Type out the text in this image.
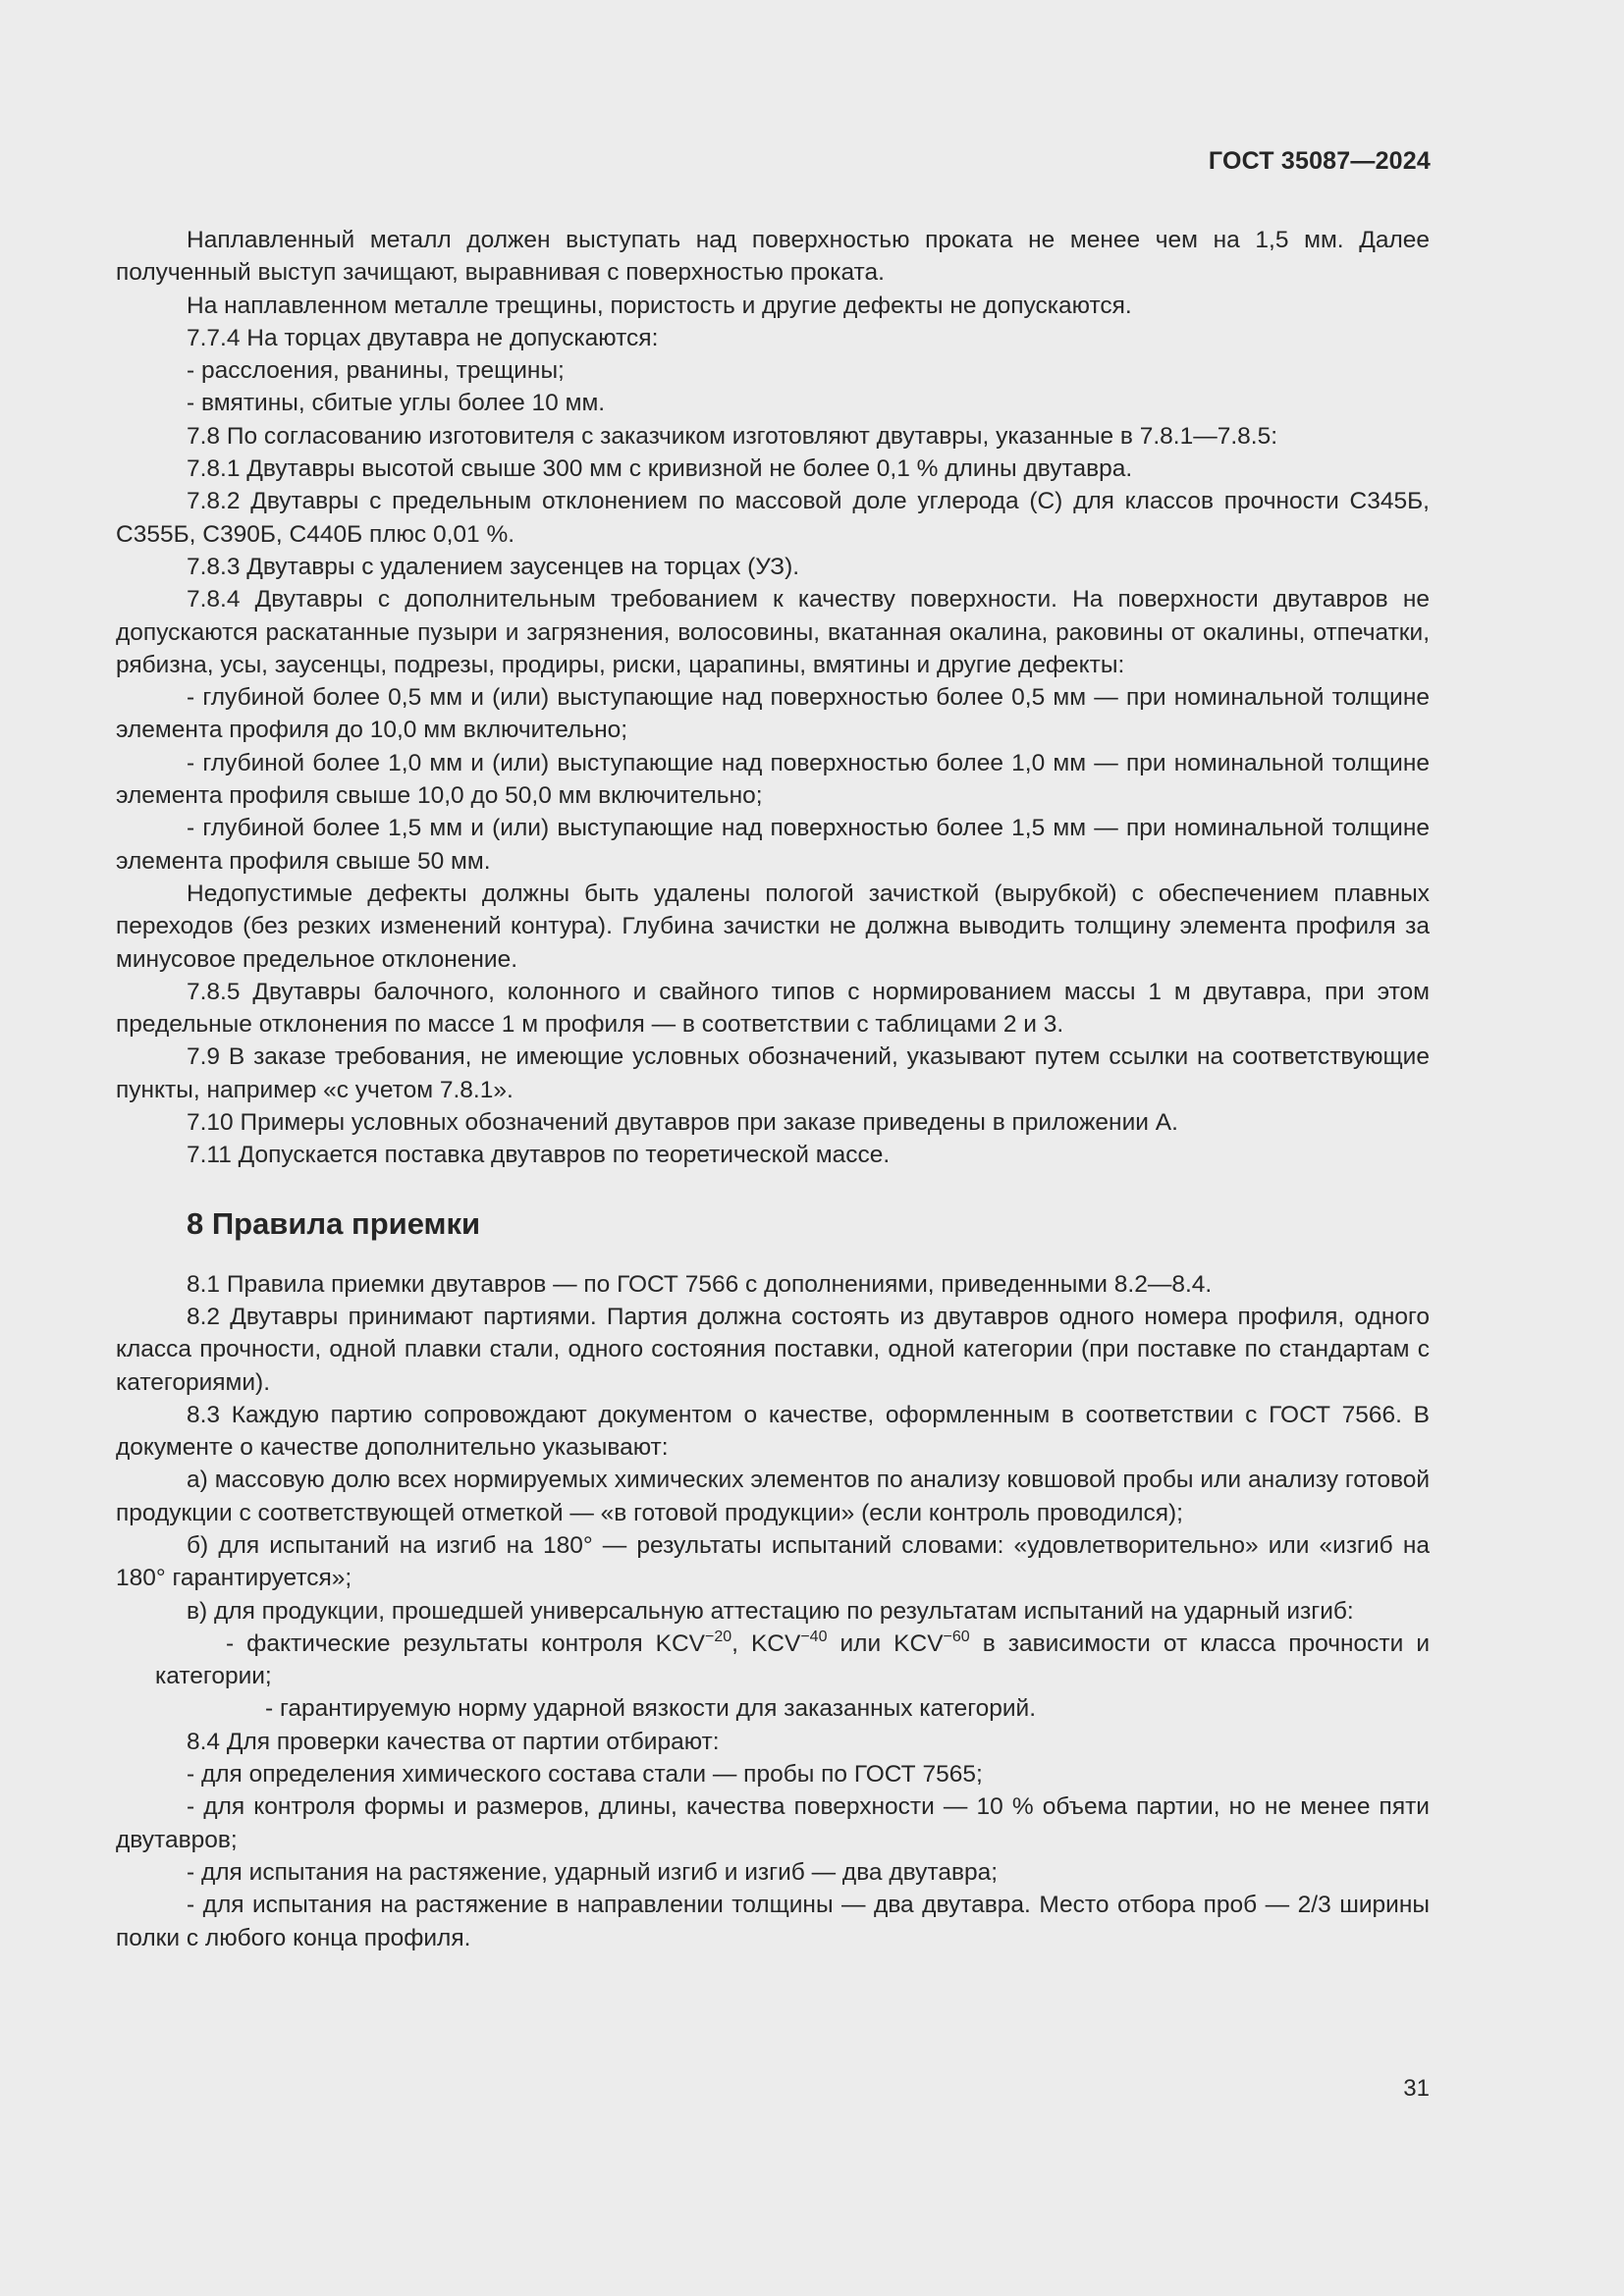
ГОСТ 35087—2024

Наплавленный металл должен выступать над поверхностью проката не менее чем на 1,5 мм. Далее полученный выступ зачищают, выравнивая с поверхностью проката.

На наплавленном металле трещины, пористость и другие дефекты не допускаются.

7.7.4 На торцах двутавра не допускаются:

- расслоения, рванины, трещины;

- вмятины, сбитые углы более 10 мм.

7.8 По согласованию изготовителя с заказчиком изготовляют двутавры, указанные в 7.8.1—7.8.5:

7.8.1 Двутавры высотой свыше 300 мм с кривизной не более 0,1 % длины двутавра.

7.8.2 Двутавры с предельным отклонением по массовой доле углерода (С) для классов прочности С345Б, С355Б, С390Б, С440Б плюс 0,01 %.

7.8.3 Двутавры с удалением заусенцев на торцах (УЗ).

7.8.4 Двутавры с дополнительным требованием к качеству поверхности. На поверхности двутавров не допускаются раскатанные пузыри и загрязнения, волосовины, вкатанная окалина, раковины от окалины, отпечатки, рябизна, усы, заусенцы, подрезы, продиры, риски, царапины, вмятины и другие дефекты:

- глубиной более 0,5 мм и (или) выступающие над поверхностью более 0,5 мм — при номинальной толщине элемента профиля до 10,0 мм включительно;

- глубиной более 1,0 мм и (или) выступающие над поверхностью более 1,0 мм — при номинальной толщине элемента профиля свыше 10,0 до 50,0 мм включительно;

- глубиной более 1,5 мм и (или) выступающие над поверхностью более 1,5 мм — при номинальной толщине элемента профиля свыше 50 мм.

Недопустимые дефекты должны быть удалены пологой зачисткой (вырубкой) с обеспечением плавных переходов (без резких изменений контура). Глубина зачистки не должна выводить толщину элемента профиля за минусовое предельное отклонение.

7.8.5 Двутавры балочного, колонного и свайного типов с нормированием массы 1 м двутавра, при этом предельные отклонения по массе 1 м профиля — в соответствии с таблицами 2 и 3.

7.9 В заказе требования, не имеющие условных обозначений, указывают путем ссылки на соответствующие пункты, например «с учетом 7.8.1».

7.10 Примеры условных обозначений двутавров при заказе приведены в приложении А.

7.11 Допускается поставка двутавров по теоретической массе.

8 Правила приемки

8.1 Правила приемки двутавров — по ГОСТ 7566 с дополнениями, приведенными 8.2—8.4.

8.2 Двутавры принимают партиями. Партия должна состоять из двутавров одного номера профиля, одного класса прочности, одной плавки стали, одного состояния поставки, одной категории (при поставке по стандартам с категориями).

8.3 Каждую партию сопровождают документом о качестве, оформленным в соответствии с ГОСТ 7566. В документе о качестве дополнительно указывают:

а) массовую долю всех нормируемых химических элементов по анализу ковшовой пробы или анализу готовой продукции с соответствующей отметкой — «в готовой продукции» (если контроль проводился);

б) для испытаний на изгиб на 180° — результаты испытаний словами: «удовлетворительно» или «изгиб на 180° гарантируется»;

в) для продукции, прошедшей универсальную аттестацию по результатам испытаний на ударный изгиб:

- фактические результаты контроля $KCV^{-20}$, $KCV^{-40}$ или $KCV^{-60}$ в зависимости от класса прочности и категории;

- гарантируемую норму ударной вязкости для заказанных категорий.

8.4 Для проверки качества от партии отбирают:

- для определения химического состава стали — пробы по ГОСТ 7565;

- для контроля формы и размеров, длины, качества поверхности — 10 % объема партии, но не менее пяти двутавров;

- для испытания на растяжение, ударный изгиб и изгиб — два двутавра;

- для испытания на растяжение в направлении толщины — два двутавра. Место отбора проб — 2/3 ширины полки с любого конца профиля.

31
